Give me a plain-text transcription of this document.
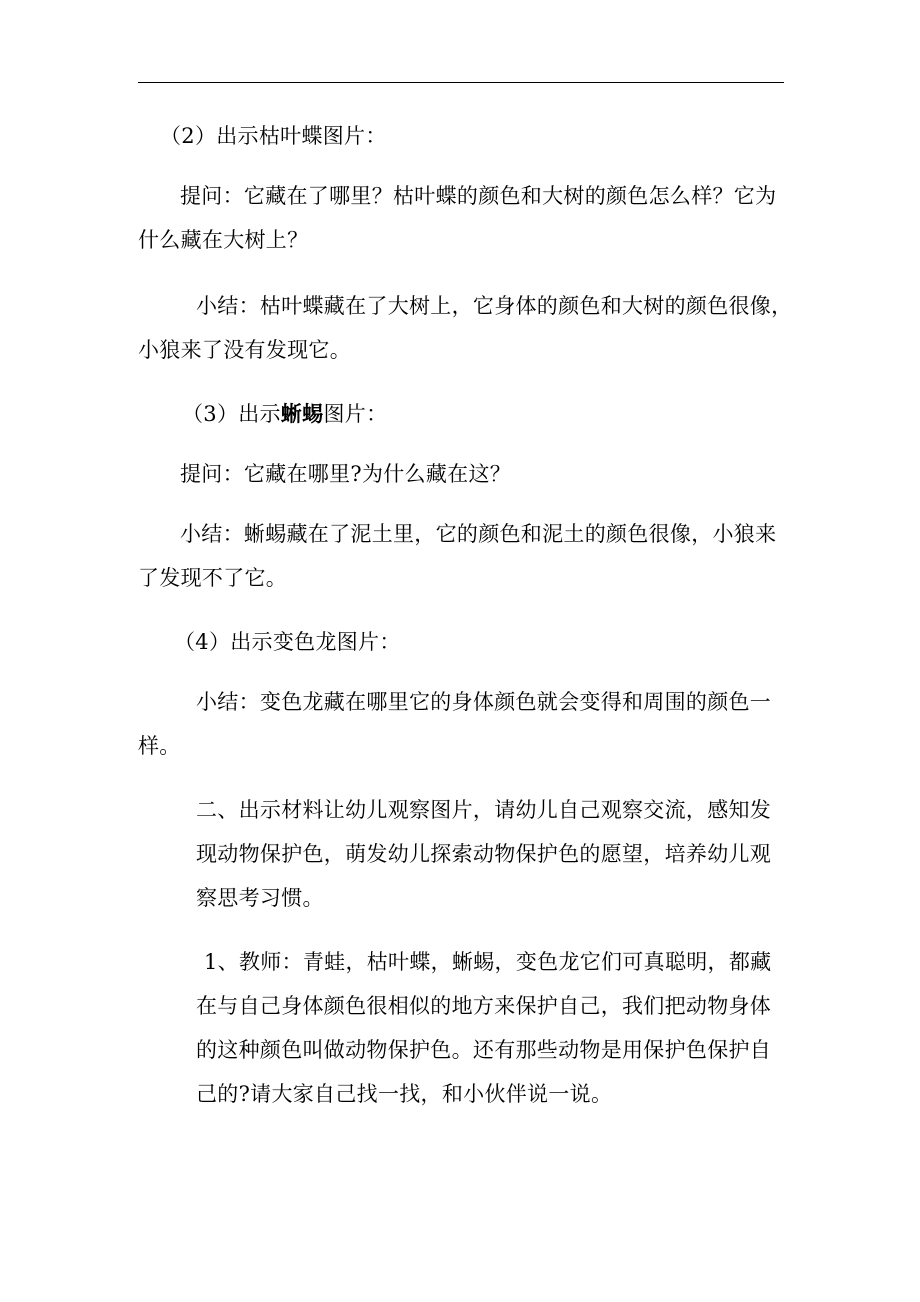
（2）出示枯叶蝶图片：
提问：它藏在了哪里？枯叶蝶的颜色和大树的颜色怎么样？它为
什么藏在大树上？
小结：枯叶蝶藏在了大树上，它身体的颜色和大树的颜色很像，
小狼来了没有发现它。
（3）出示蜥蜴图片：
提问：它藏在哪里?为什么藏在这？
小结：蜥蜴藏在了泥土里，它的颜色和泥土的颜色很像，小狼来
了发现不了它。
（4）出示变色龙图片：
小结：变色龙藏在哪里它的身体颜色就会变得和周围的颜色一
样。
二、出示材料让幼儿观察图片，请幼儿自己观察交流，感知发
现动物保护色，萌发幼儿探索动物保护色的愿望，培养幼儿观
察思考习惯。
1、教师：青蛙，枯叶蝶，蜥蜴，变色龙它们可真聪明，都藏
在与自己身体颜色很相似的地方来保护自己，我们把动物身体
的这种颜色叫做动物保护色。还有那些动物是用保护色保护自
己的?请大家自己找一找，和小伙伴说一说。
